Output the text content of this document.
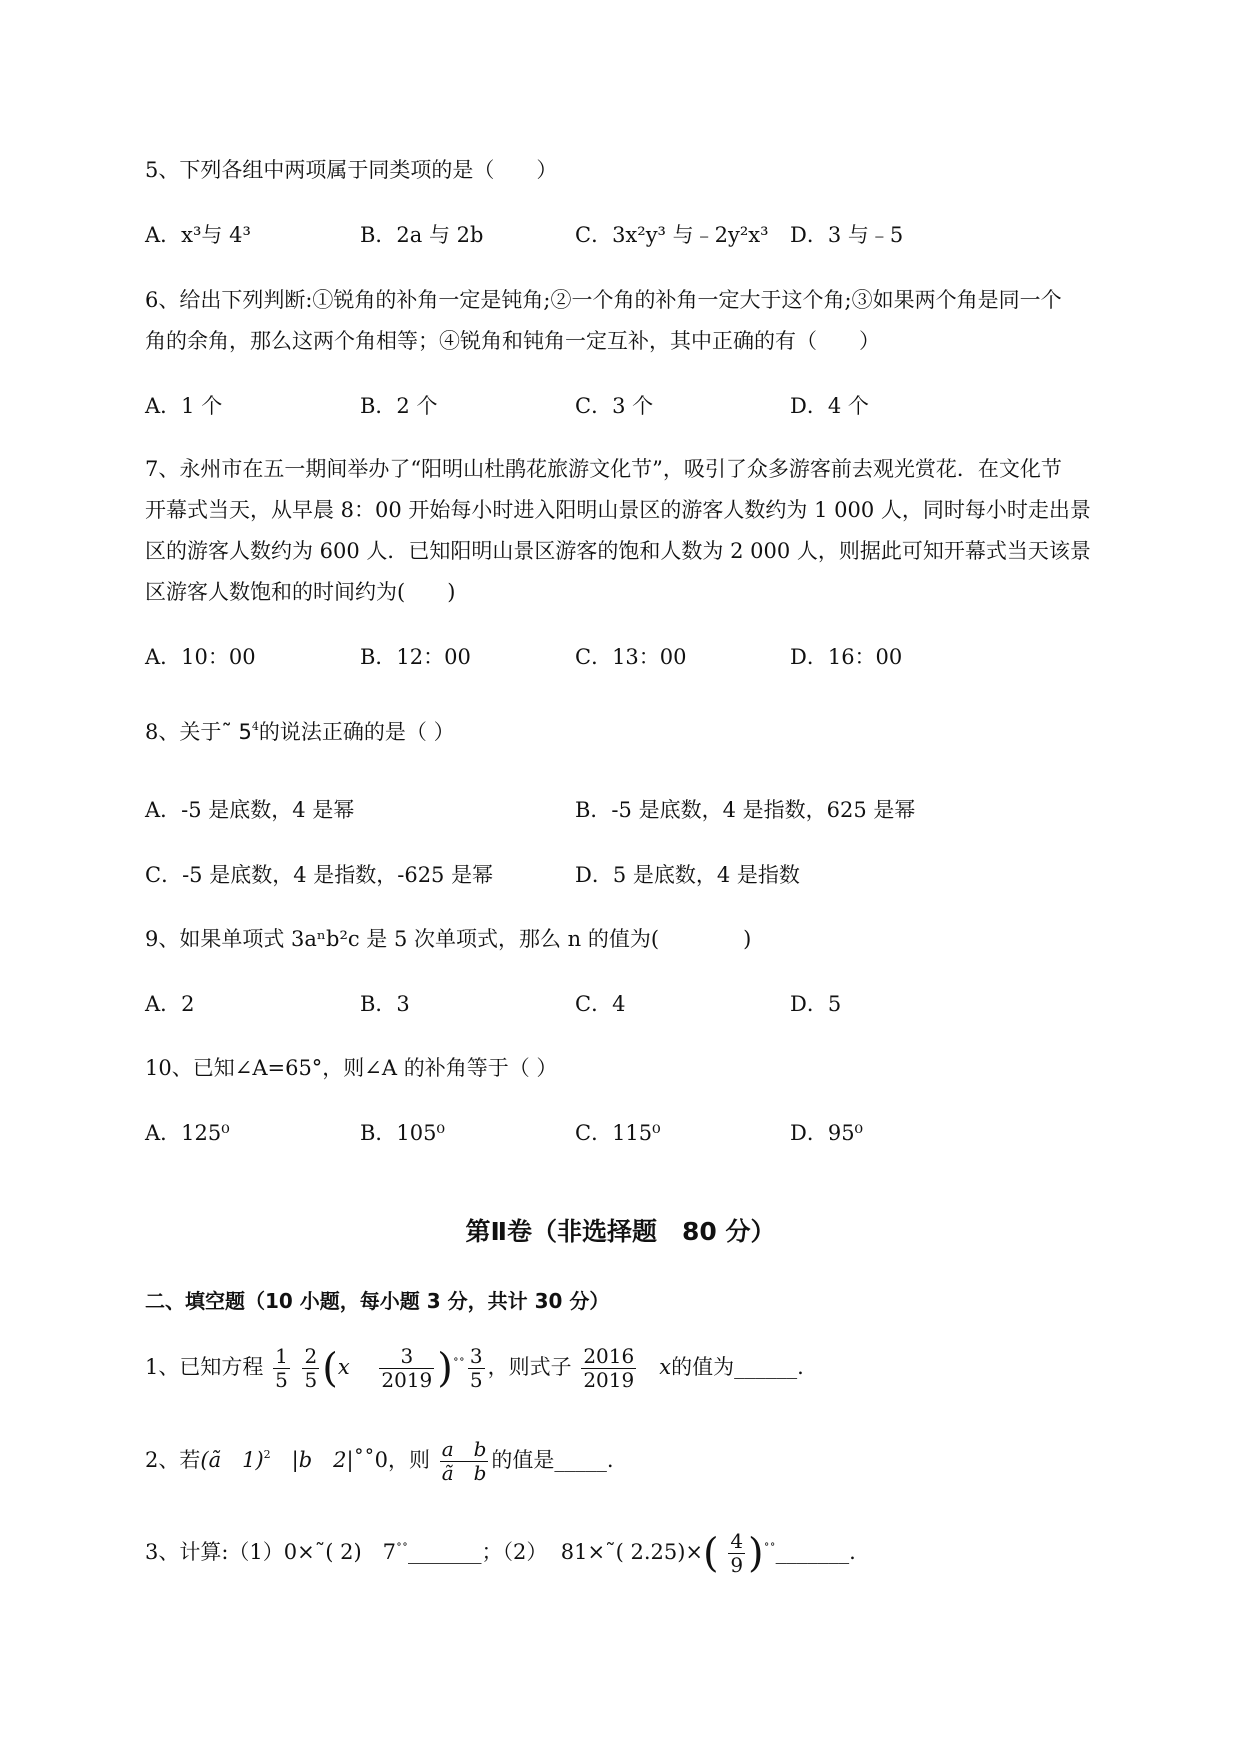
5、下列各组中两项属于同类项的是（　　）
A．x³与 4³	B．2a 与 2b	C．3x²y³ 与﹣2y²x³ D．3 与﹣5
6、给出下列判断:①锐角的补角一定是钝角;②一个角的补角一定大于这个角;③如果两个角是同一个
角的余角，那么这两个角相等；④锐角和钝角一定互补，其中正确的有（　　）
A．1 个	B．2 个	C．3 个	D．4 个
7、永州市在五一期间举办了“阳明山杜鹃花旅游文化节”，吸引了众多游客前去观光赏花．在文化节
开幕式当天，从早晨 8：00 开始每小时进入阳明山景区的游客人数约为 1 000 人，同时每小时走出景
区的游客人数约为 600 人．已知阳明山景区游客的饱和人数为 2 000 人，则据此可知开幕式当天该景
区游客人数饱和的时间约为(　　)
A．10：00	B．12：00	C．13：00	D．16：00
8、关于˜ $5^4$的说法正确的是（ ）
A．-5 是底数，4 是幂	B．-5 是底数，4 是指数，625 是幂
C．-5 是底数，4 是指数，-625 是幂	D．5 是底数，4 是指数
9、如果单项式 3aⁿb²c 是 5 次单项式，那么 n 的值为(　　　　)
A．2	B．3	C．4	D．5
10、已知∠A=65°，则∠A 的补角等于（ ）
A．125⁰	B．105⁰	C．115⁰	D．95⁰
第Ⅱ卷（非选择题　80 分）
二、填空题（10 小题，每小题 3 分，共计 30 分）
1、已知方程 $\frac{1}{5}$
$\frac{2}{5} (x \frac{3}{2019} )^{˚˚} \frac{3}{5}$ ，则式子 $\frac{2016}{2019}$ x的值为______.
2、若(ã　1)$^2$　|b　2|˚˚0，则 $\frac{\text{a　b}}{\text{ã　b}}$ 的值是_____.
3、计算:（1）0×˜( 2)　7˚˚_______；（2） 81×˜( $2.25)\times( \frac{4}{9}$ )˚˚_______.
